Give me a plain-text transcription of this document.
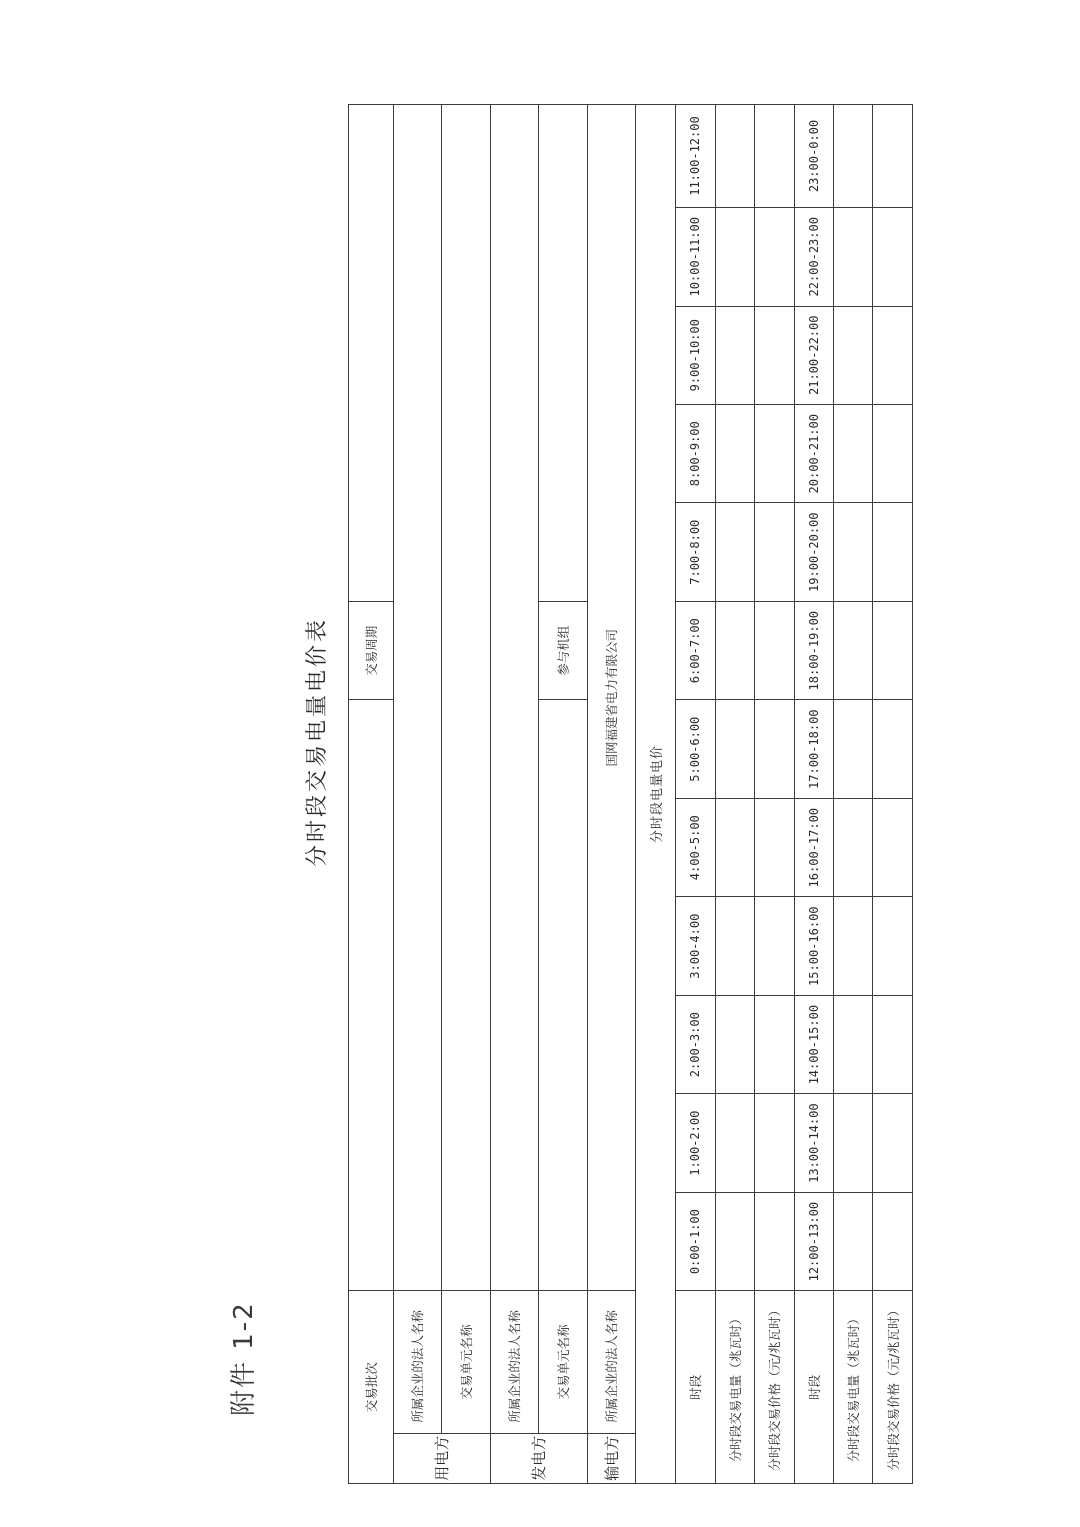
附件 1-2
分时段交易电量电价表
交易批次								交易周期					
用电方	所属企业的法人名称												
	交易单元名称												
发电方	所属企业的法人名称												
	交易单元名称							参与机组					
输电方	所属企业的法人名称	国网福建省电力有限公司											
分时段电量电价													
时段		0:00-1:00	1:00-2:00	2:00-3:00	3:00-4:00	4:00-5:00	5:00-6:00	6:00-7:00	7:00-8:00	8:00-9:00	9:00-10:00	10:00-11:00	11:00-12:00
分时段交易电量（兆瓦时）													
分时段交易价格（元/兆瓦时）													
时段		12:00-13:00	13:00-14:00	14:00-15:00	15:00-16:00	16:00-17:00	17:00-18:00	18:00-19:00	19:00-20:00	20:00-21:00	21:00-22:00	22:00-23:00	23:00-0:00
分时段交易电量（兆瓦时）													
分时段交易价格（元/兆瓦时）													
